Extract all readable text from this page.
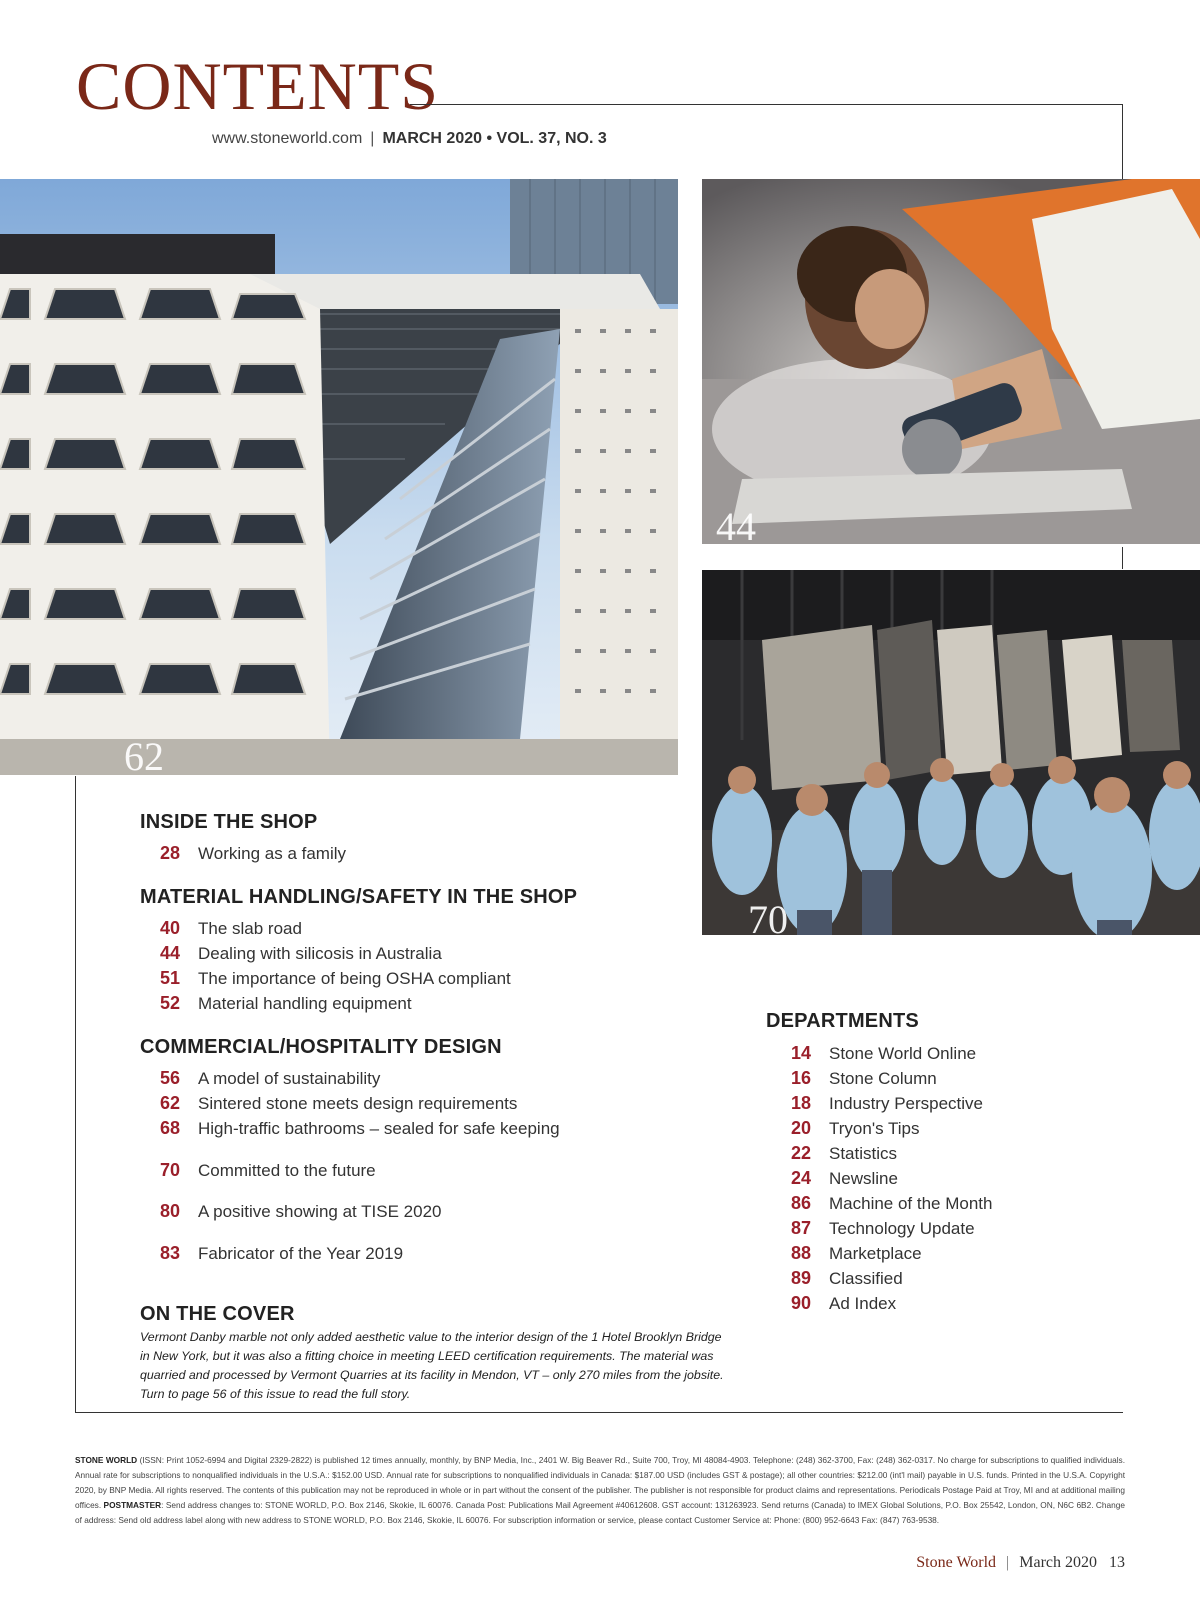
CONTENTS
www.stoneworld.com | MARCH 2020 • VOL. 37, NO. 3
62
44
70
INSIDE THE SHOP
28 Working as a family
MATERIAL HANDLING/SAFETY IN THE SHOP
40 The slab road
44 Dealing with silicosis in Australia
51 The importance of being OSHA compliant
52 Material handling equipment
COMMERCIAL/HOSPITALITY DESIGN
56 A model of sustainability
62 Sintered stone meets design requirements
68 High-traffic bathrooms – sealed for safe keeping
70 Committed to the future
80 A positive showing at TISE 2020
83 Fabricator of the Year 2019
ON THE COVER
Vermont Danby marble not only added aesthetic value to the interior design of the 1 Hotel Brooklyn Bridge in New York, but it was also a fitting choice in meeting LEED certification requirements. The material was quarried and processed by Vermont Quarries at its facility in Mendon, VT – only 270 miles from the jobsite. Turn to page 56 of this issue to read the full story.
DEPARTMENTS
14 Stone World Online
16 Stone Column
18 Industry Perspective
20 Tryon's Tips
22 Statistics
24 Newsline
86 Machine of the Month
87 Technology Update
88 Marketplace
89 Classified
90 Ad Index
STONE WORLD (ISSN: Print 1052-6994 and Digital 2329-2822) is published 12 times annually, monthly, by BNP Media, Inc., 2401 W. Big Beaver Rd., Suite 700, Troy, MI 48084-4903. Telephone: (248) 362-3700, Fax: (248) 362-0317. No charge for subscriptions to qualified individuals. Annual rate for subscriptions to nonqualified individuals in the U.S.A.: $152.00 USD. Annual rate for subscriptions to nonqualified individuals in Canada: $187.00 USD (includes GST & postage); all other countries: $212.00 (int'l mail) payable in U.S. funds. Printed in the U.S.A. Copyright 2020, by BNP Media. All rights reserved. The contents of this publication may not be reproduced in whole or in part without the consent of the publisher. The publisher is not responsible for product claims and representations. Periodicals Postage Paid at Troy, MI and at additional mailing offices. POSTMASTER: Send address changes to: STONE WORLD, P.O. Box 2146, Skokie, IL 60076. Canada Post: Publications Mail Agreement #40612608. GST account: 131263923. Send returns (Canada) to IMEX Global Solutions, P.O. Box 25542, London, ON, N6C 6B2. Change of address: Send old address label along with new address to STONE WORLD, P.O. Box 2146, Skokie, IL 60076. For subscription information or service, please contact Customer Service at: Phone: (800) 952-6643 Fax: (847) 763-9538.
Stone World | March 2020 13
